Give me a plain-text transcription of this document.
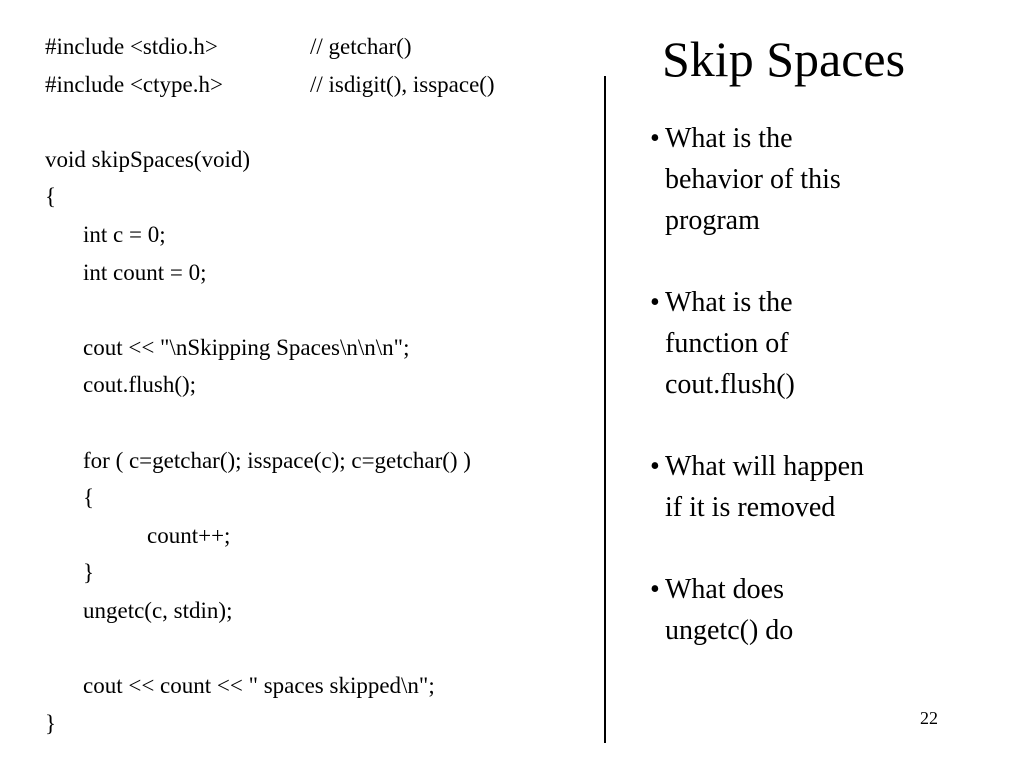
#include <stdio.h>	// getchar()
#include <ctype.h>	// isdigit(), isspace()
void skipSpaces(void)
{
int c = 0;
int count = 0;
cout << "\nSkipping Spaces\n\n\n";
cout.flush();
for ( c=getchar(); isspace(c); c=getchar() )
{
count++;
}
ungetc(c, stdin);
cout << count << " spaces skipped\n";
}
Skip Spaces
• What is the
behavior of this
program
• What is the
function of
cout.flush()
• What will happen
if it is removed
• What does
ungetc() do
22
